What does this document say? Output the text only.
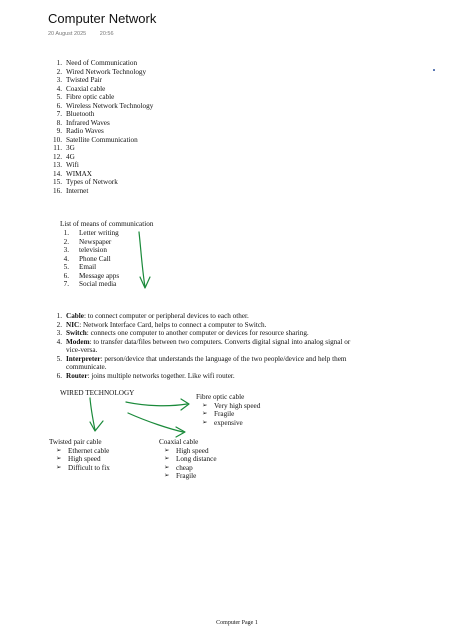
Computer Network
20 August 2025 20:56
1. Need of Communication
2. Wired Network Technology
3. Twisted Pair
4. Coaxial cable
5. Fibre optic cable
6. Wireless Network Technology
7. Bluetooth
8. Infrared Waves
9. Radio Waves
10. Satellite Communication
11. 3G
12. 4G
13. Wifi
14. WIMAX
15. Types of Network
16. Internet
List of means of communication
1. Letter writing
2. Newspaper
3. television
4. Phone Call
5. Email
6. Message apps
7. Social media
1. Cable: to connect computer or peripheral devices to each other.
2. NIC: Network Interface Card, helps to connect a computer to Switch.
3. Switch: connects one computer to another computer or devices for resource sharing.
4. Modem: to transfer data/files between two computers. Converts digital signal into analog signal or vice-versa.
5. Interpreter: person/device that understands the language of the two people/device and help them communicate.
6. Router: joins multiple networks together. Like wifi router.
WIRED TECHNOLOGY	Fibre optic cable
➢ Very high speed
➢ Fragile
➢ expensive
Twisted pair cable
➢ Ethernet cable
➢ High speed
➢ Difficult to fix
Coaxial cable
➢ High speed
➢ Long distance
➢ cheap
➢ Fragile
Computer Page 1
